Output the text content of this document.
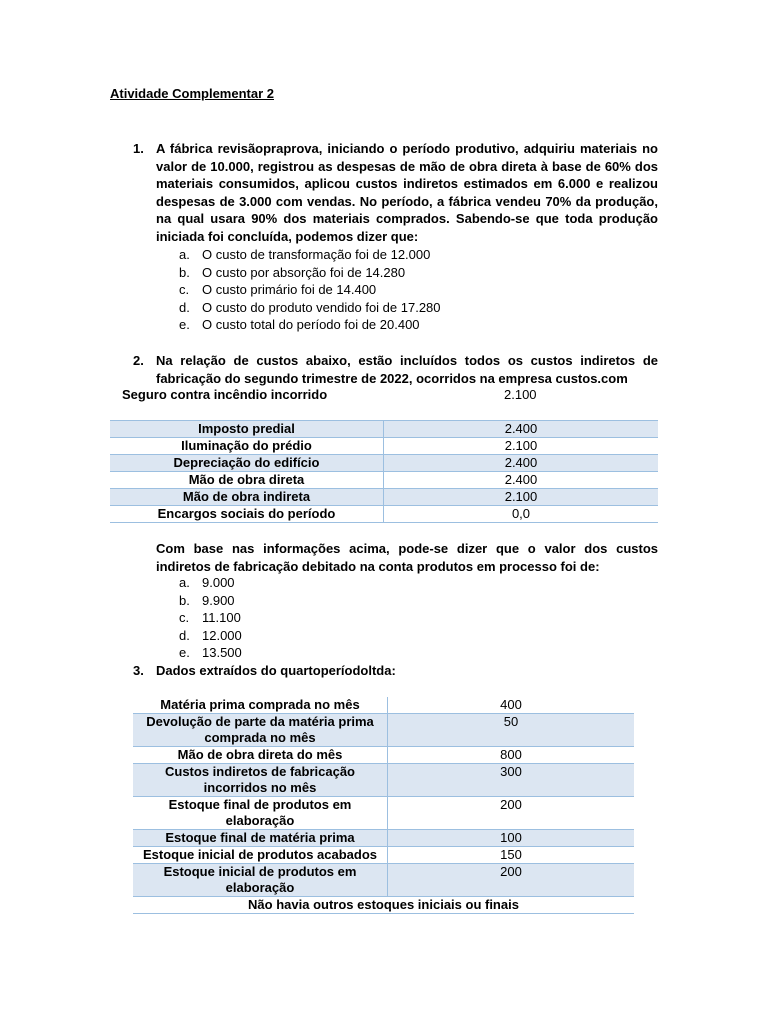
Atividade Complementar 2
1. A fábrica revisãopraprova, iniciando o período produtivo, adquiriu materiais no valor de 10.000, registrou as despesas de mão de obra direta à base de 60% dos materiais consumidos, aplicou custos indiretos estimados em 6.000 e realizou despesas de 3.000 com vendas. No período, a fábrica vendeu 70% da produção, na qual usara 90% dos materiais comprados. Sabendo-se que toda produção iniciada foi concluída, podemos dizer que:

a. O custo de transformação foi de 12.000
b. O custo por absorção foi de 14.280
c. O custo primário foi de 14.400
d. O custo do produto vendido foi de 17.280
e. O custo total do período foi de 20.400
2. Na relação de custos abaixo, estão incluídos todos os custos indiretos de fabricação do segundo trimestre de 2022, ocorridos na empresa custos.com

Seguro contra incêndio incorrido	2.100
Imposto predial	2.400
Iluminação do prédio	2.100
Depreciação do edifício	2.400
Mão de obra direta	2.400
Mão de obra indireta	2.100
Encargos sociais do período	0,0

Com base nas informações acima, pode-se dizer que o valor dos custos indiretos de fabricação debitado na conta produtos em processo foi de:

a. 9.000
b. 9.900
c. 11.100
d. 12.000
e. 13.500
3. Dados extraídos do quartoperíodoltda:

Matéria prima comprada no mês	400
Devolução de parte da matéria prima comprada no mês	50
Mão de obra direta do mês	800
Custos indiretos de fabricação incorridos no mês	300
Estoque final de produtos em elaboração	200
Estoque final de matéria prima	100
Estoque inicial de produtos acabados	150
Estoque inicial de produtos em elaboração	200
Não havia outros estoques iniciais ou finais	
